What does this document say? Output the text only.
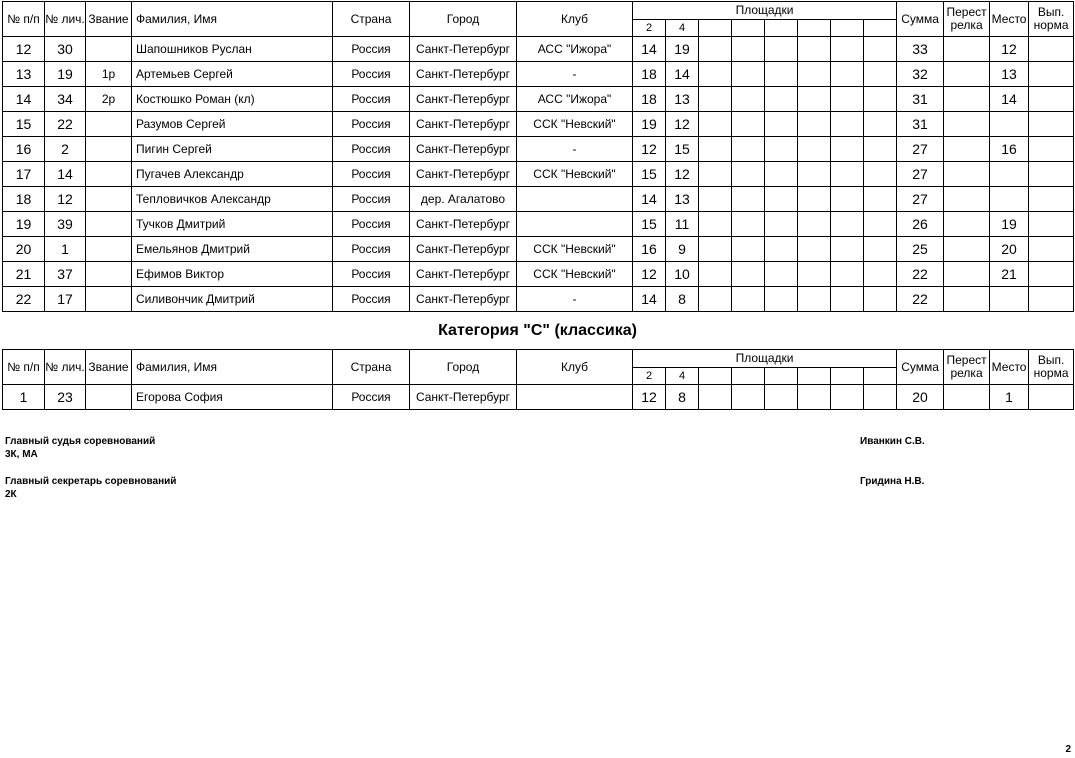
№ п/п	№ лич.	Звание	Фамилия, Имя	Страна	Город	Клуб	Площадки								Сумма	Перест релка	Место	Вып. норма
							2	4										
12	30		Шапошников Руслан	Россия	Санкт-Петербург	АСС "Ижора"	14	19							33		12	
13	19	1р	Артемьев Сергей	Россия	Санкт-Петербург	-	18	14							32		13	
14	34	2р	Костюшко Роман (кл)	Россия	Санкт-Петербург	АСС "Ижора"	18	13							31		14	
15	22		Разумов Сергей	Россия	Санкт-Петербург	ССК "Невский"	19	12							31			
16	2		Пигин Сергей	Россия	Санкт-Петербург	-	12	15							27		16	
17	14		Пугачев Александр	Россия	Санкт-Петербург	ССК "Невский"	15	12							27			
18	12		Тепловичков Александр	Россия	дер. Агалатово		14	13							27			
19	39		Тучков Дмитрий	Россия	Санкт-Петербург		15	11							26		19	
20	1		Емельянов Дмитрий	Россия	Санкт-Петербург	ССК "Невский"	16	9							25		20	
21	37		Ефимов Виктор	Россия	Санкт-Петербург	ССК "Невский"	12	10							22		21	
22	17		Силивончик Дмитрий	Россия	Санкт-Петербург	-	14	8							22			
Категория "С" (классика)
№ п/п	№ лич.	Звание	Фамилия, Имя	Страна	Город	Клуб	Площадки								Сумма	Перест релка	Место	Вып. норма
							2	4										
1	23		Егорова София	Россия	Санкт-Петербург		12	8							20		1	
Главный судья соревнований
3К, МА
Иванкин С.В.
Главный секретарь соревнований
2К
Гридина Н.В.
2
